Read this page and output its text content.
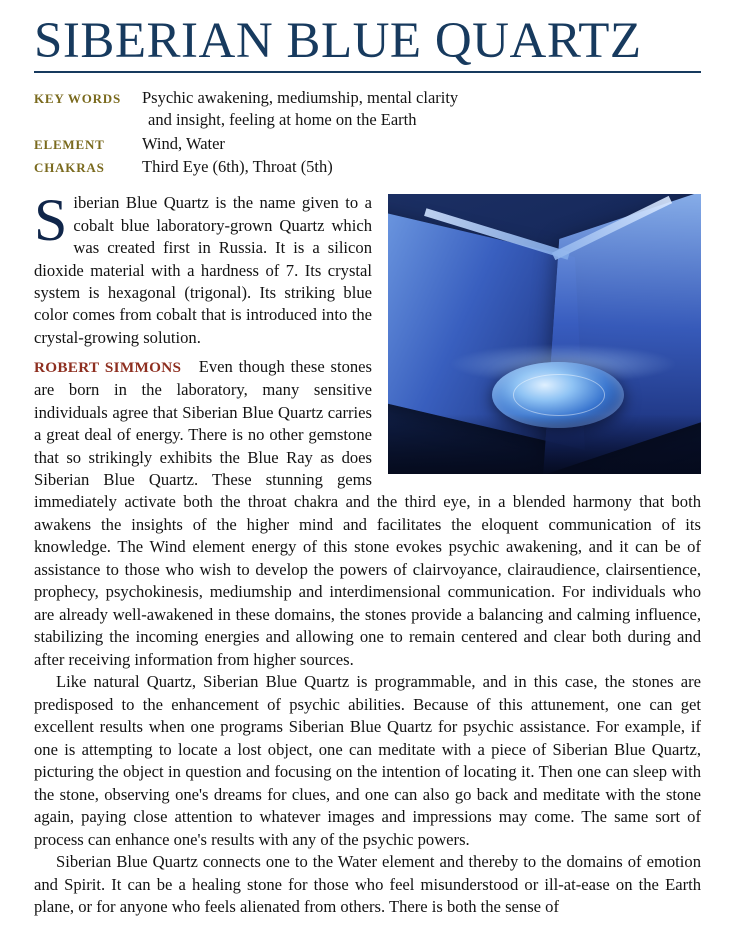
SIBERIAN BLUE QUARTZ
KEY WORDS	Psychic awakening, mediumship, mental clarity
and insight, feeling at home on the Earth
ELEMENT	Wind, Water
CHAKRAS	Third Eye (6th), Throat (5th)

Siberian Blue Quartz is the name given to a cobalt blue laboratory-grown Quartz which was created first in Russia. It is a silicon dioxide material with a hardness of 7. Its crystal system is hexagonal (trigonal). Its striking blue color comes from cobalt that is introduced into the crystal-growing solution.

ROBERT SIMMONS Even though these stones are born in the laboratory, many sensitive individuals agree that Siberian Blue Quartz carries a great deal of energy. There is no other gemstone that so strikingly exhibits the Blue Ray as does Siberian Blue Quartz. These stunning gems immediately activate both the throat chakra and the third eye, in a blended harmony that both awakens the insights of the higher mind and facilitates the eloquent communication of its knowledge. The Wind element energy of this stone evokes psychic awakening, and it can be of assistance to those who wish to develop the powers of clairvoyance, clairaudience, clairsentience, prophecy, psychokinesis, mediumship and interdimensional communication. For individuals who are already well-awakened in these domains, the stones provide a balancing and calming influence, stabilizing the incoming energies and allowing one to remain centered and clear both during and after receiving information from higher sources.

Like natural Quartz, Siberian Blue Quartz is programmable, and in this case, the stones are predisposed to the enhancement of psychic abilities. Because of this attunement, one can get excellent results when one programs Siberian Blue Quartz for psychic assistance. For example, if one is attempting to locate a lost object, one can meditate with a piece of Siberian Blue Quartz, picturing the object in question and focusing on the intention of locating it. Then one can sleep with the stone, observing one's dreams for clues, and one can also go back and meditate with the stone again, paying close attention to whatever images and impressions may come. The same sort of process can enhance one's results with any of the psychic powers.

Siberian Blue Quartz connects one to the Water element and thereby to the domains of emotion and Spirit. It can be a healing stone for those who feel misunderstood or ill-at-ease on the Earth plane, or for anyone who feels alienated from others. There is both the sense of
